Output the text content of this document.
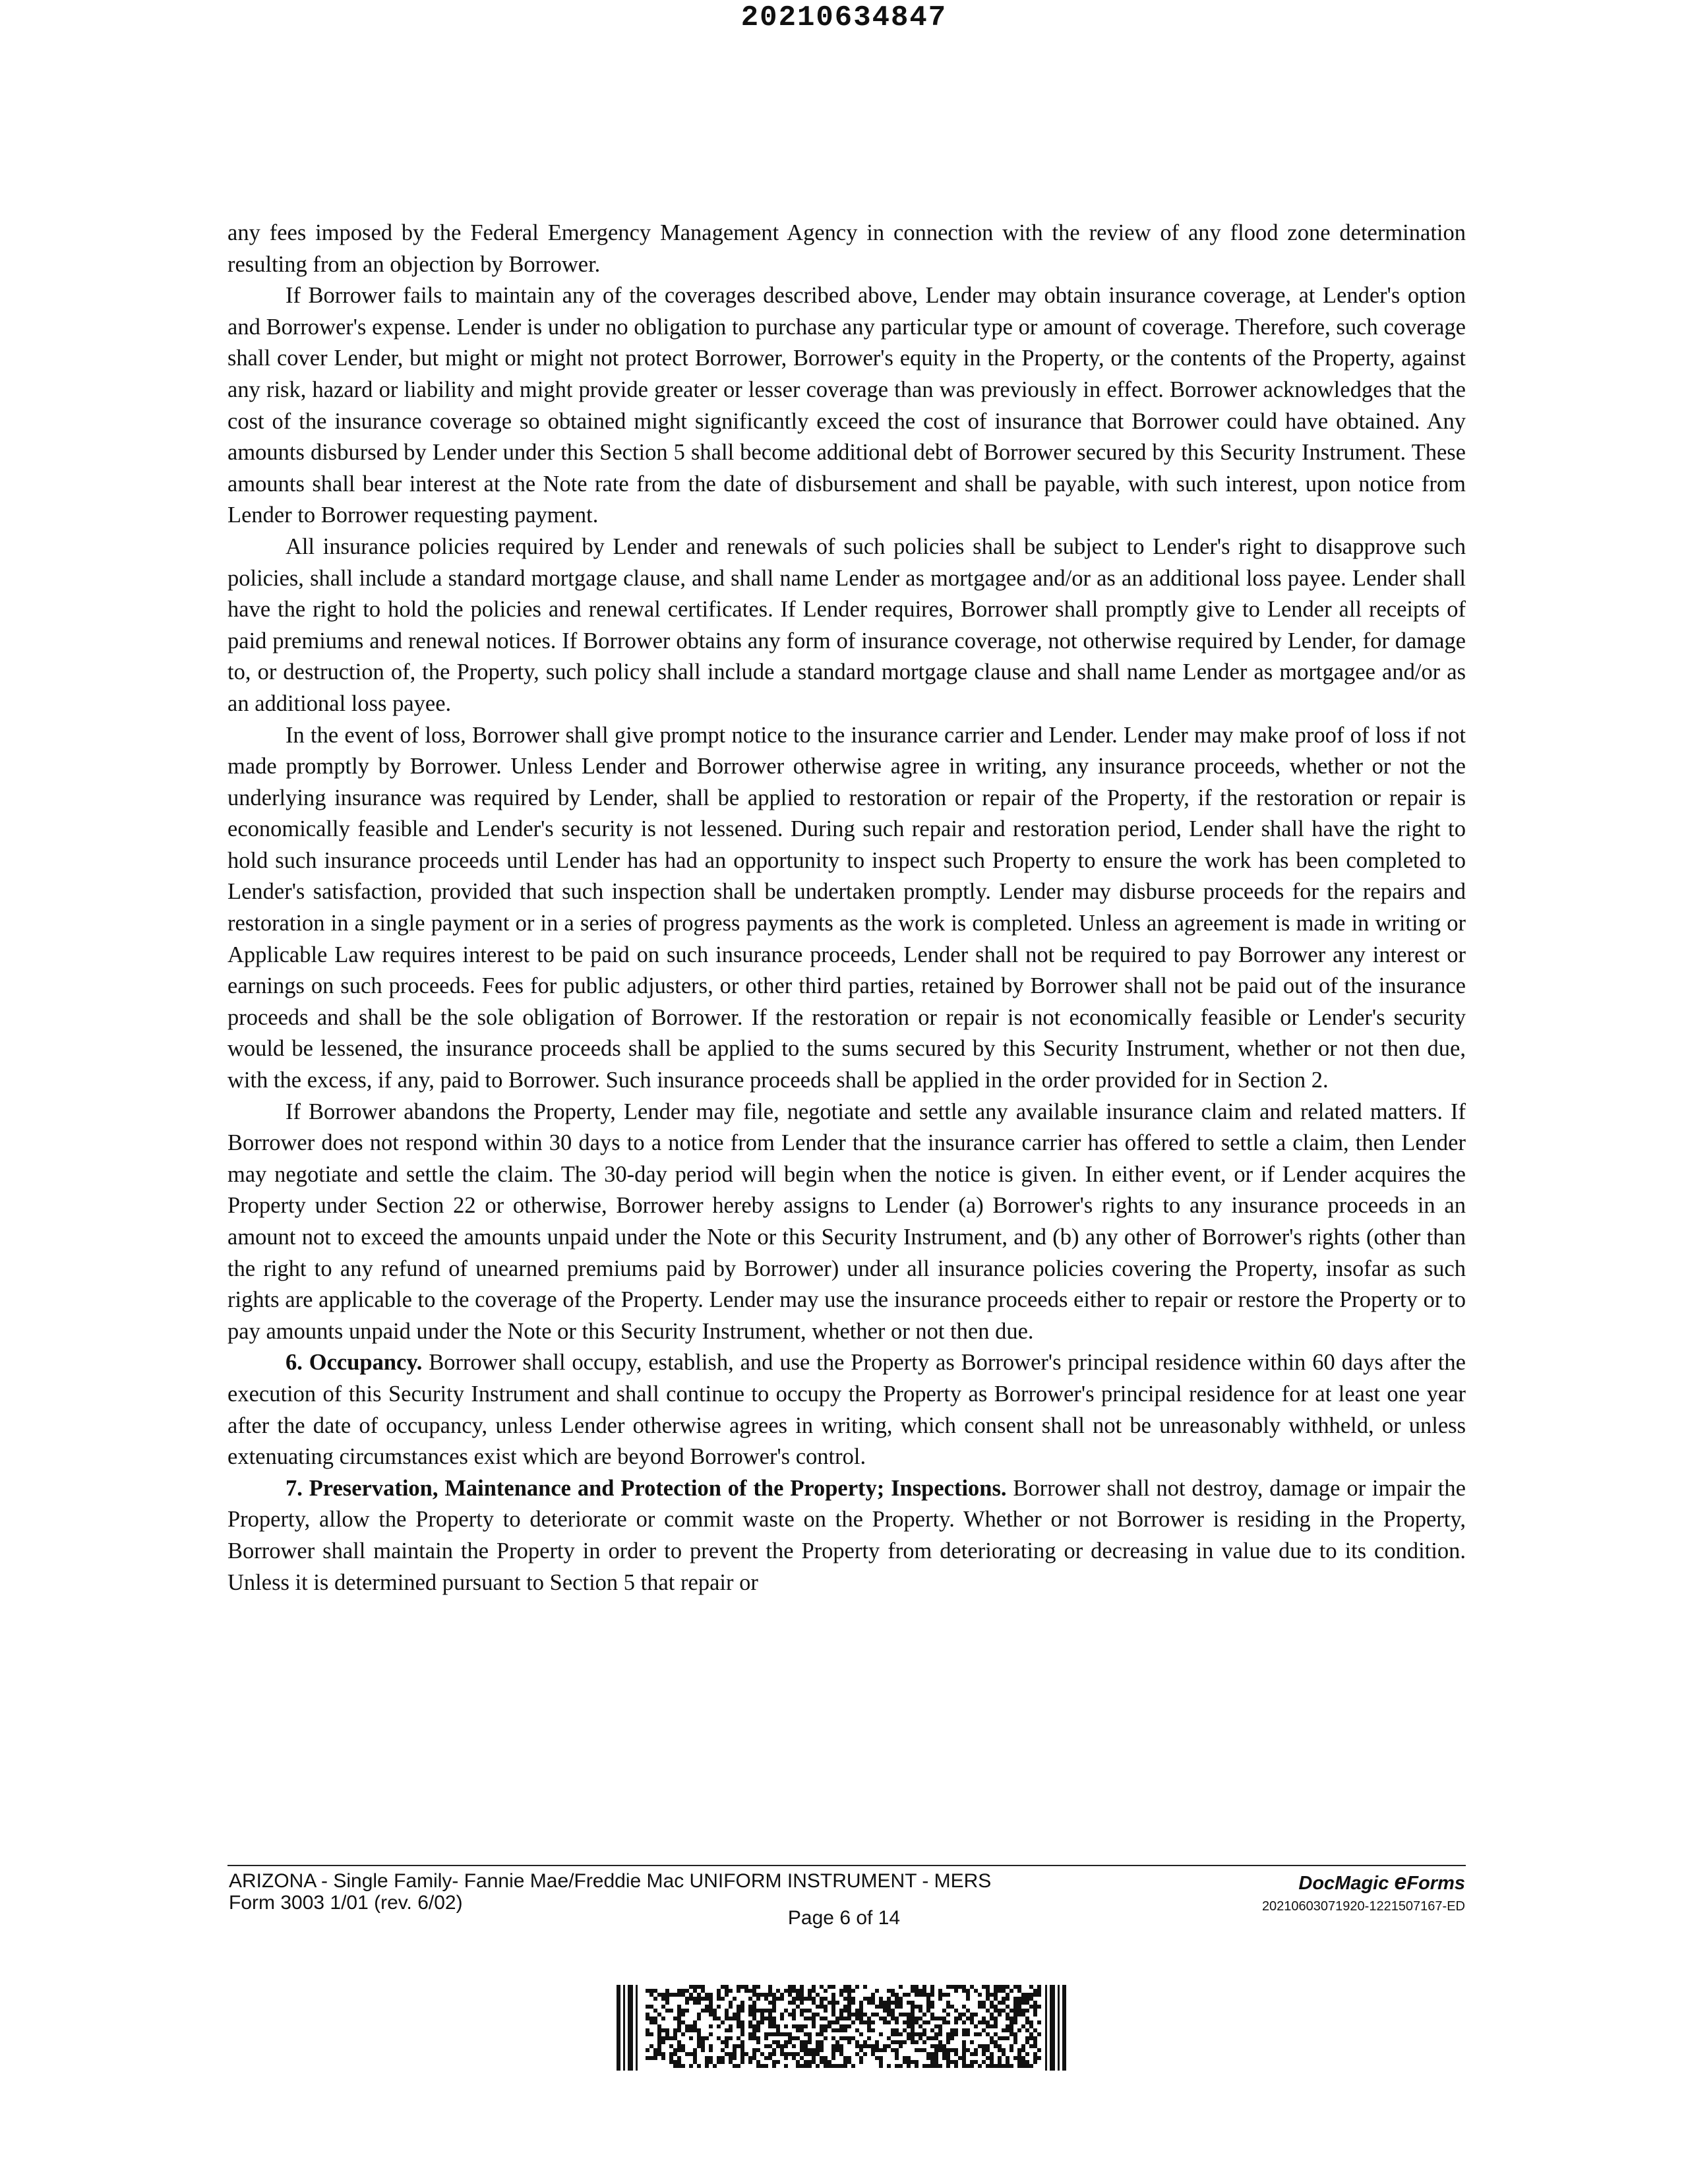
20210634847

any fees imposed by the Federal Emergency Management Agency in connection with the review of any flood zone determination resulting from an objection by Borrower.

If Borrower fails to maintain any of the coverages described above, Lender may obtain insurance coverage, at Lender's option and Borrower's expense. Lender is under no obligation to purchase any particular type or amount of coverage. Therefore, such coverage shall cover Lender, but might or might not protect Borrower, Borrower's equity in the Property, or the contents of the Property, against any risk, hazard or liability and might provide greater or lesser coverage than was previously in effect. Borrower acknowledges that the cost of the insurance coverage so obtained might significantly exceed the cost of insurance that Borrower could have obtained. Any amounts disbursed by Lender under this Section 5 shall become additional debt of Borrower secured by this Security Instrument. These amounts shall bear interest at the Note rate from the date of disbursement and shall be payable, with such interest, upon notice from Lender to Borrower requesting payment.

All insurance policies required by Lender and renewals of such policies shall be subject to Lender's right to disapprove such policies, shall include a standard mortgage clause, and shall name Lender as mortgagee and/or as an additional loss payee. Lender shall have the right to hold the policies and renewal certificates. If Lender requires, Borrower shall promptly give to Lender all receipts of paid premiums and renewal notices. If Borrower obtains any form of insurance coverage, not otherwise required by Lender, for damage to, or destruction of, the Property, such policy shall include a standard mortgage clause and shall name Lender as mortgagee and/or as an additional loss payee.

In the event of loss, Borrower shall give prompt notice to the insurance carrier and Lender. Lender may make proof of loss if not made promptly by Borrower. Unless Lender and Borrower otherwise agree in writing, any insurance proceeds, whether or not the underlying insurance was required by Lender, shall be applied to restoration or repair of the Property, if the restoration or repair is economically feasible and Lender's security is not lessened. During such repair and restoration period, Lender shall have the right to hold such insurance proceeds until Lender has had an opportunity to inspect such Property to ensure the work has been completed to Lender's satisfaction, provided that such inspection shall be undertaken promptly. Lender may disburse proceeds for the repairs and restoration in a single payment or in a series of progress payments as the work is completed. Unless an agreement is made in writing or Applicable Law requires interest to be paid on such insurance proceeds, Lender shall not be required to pay Borrower any interest or earnings on such proceeds. Fees for public adjusters, or other third parties, retained by Borrower shall not be paid out of the insurance proceeds and shall be the sole obligation of Borrower. If the restoration or repair is not economically feasible or Lender's security would be lessened, the insurance proceeds shall be applied to the sums secured by this Security Instrument, whether or not then due, with the excess, if any, paid to Borrower. Such insurance proceeds shall be applied in the order provided for in Section 2.

If Borrower abandons the Property, Lender may file, negotiate and settle any available insurance claim and related matters. If Borrower does not respond within 30 days to a notice from Lender that the insurance carrier has offered to settle a claim, then Lender may negotiate and settle the claim. The 30-day period will begin when the notice is given. In either event, or if Lender acquires the Property under Section 22 or otherwise, Borrower hereby assigns to Lender (a) Borrower's rights to any insurance proceeds in an amount not to exceed the amounts unpaid under the Note or this Security Instrument, and (b) any other of Borrower's rights (other than the right to any refund of unearned premiums paid by Borrower) under all insurance policies covering the Property, insofar as such rights are applicable to the coverage of the Property. Lender may use the insurance proceeds either to repair or restore the Property or to pay amounts unpaid under the Note or this Security Instrument, whether or not then due.

6. Occupancy. Borrower shall occupy, establish, and use the Property as Borrower's principal residence within 60 days after the execution of this Security Instrument and shall continue to occupy the Property as Borrower's principal residence for at least one year after the date of occupancy, unless Lender otherwise agrees in writing, which consent shall not be unreasonably withheld, or unless extenuating circumstances exist which are beyond Borrower's control.

7. Preservation, Maintenance and Protection of the Property; Inspections. Borrower shall not destroy, damage or impair the Property, allow the Property to deteriorate or commit waste on the Property. Whether or not Borrower is residing in the Property, Borrower shall maintain the Property in order to prevent the Property from deteriorating or decreasing in value due to its condition. Unless it is determined pursuant to Section 5 that repair or

ARIZONA - Single Family- Fannie Mae/Freddie Mac UNIFORM INSTRUMENT - MERS
Form 3003 1/01 (rev. 6/02)
DocMagic eForms
20210603071920-1221507167-ED
Page 6 of 14
